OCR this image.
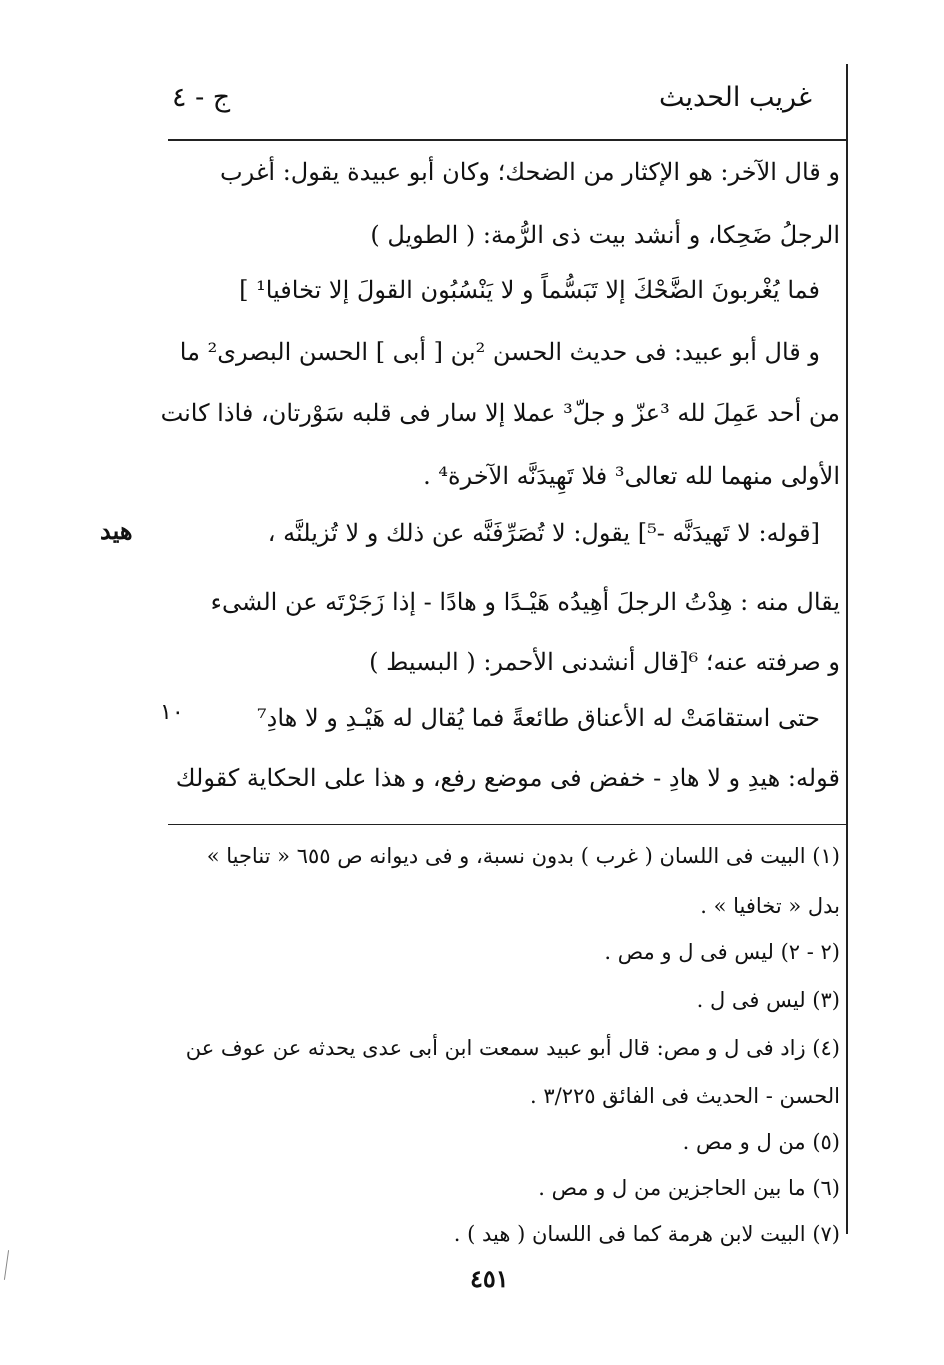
غريب الحديث
ج - ٤
و قال الآخر: هو الإكثار من الضحك؛ وكان أبو عبيدة يقول: أغرب
الرجلُ ضَحِكا، و أنشد بيت ذى الرُّمة: ( الطويل )
فما يُغْربونَ الضَّحْكَ إلا تَبَسُّماً و لا يَنْسُبُون القولَ إلا تخافيا¹ ]
و قال أبو عبيد: فى حديث الحسن ²بن [ أبى ] الحسن البصرى² ما
من أحد عَمِلَ لله ³عزّ و جلّ³ عملا إلا سار فى قلبه سَوْرتان، فاذا كانت
الأولى منهما لله تعالى³ فلا تَهِيدَنَّه الآخرة⁴ .
[قوله: لا تَهيدَنَّه -⁵] يقول: لا تُصَرِّفَنَّه عن ذلك و لا تُزيلنَّه ،
يقال منه : هِدْتُ الرجلَ أهِيدُه هَيْـدًا و هادًا - إذا زَجَرْتَه عن الشىء
و صرفته عنه؛ ⁶[قال أنشدنى الأحمر: ( البسيط )
حتى استقامَتْ له الأعناق طائعةً فما يُقال له هَيْـدِ و لا هادِ⁷
قوله: هيدِ و لا هادِ - خفض فى موضع رفع، و هذا على الحكاية كقولك
هيد
١٠
(١) البيت فى اللسان ( غرب ) بدون نسبة، و فى ديوانه ص ٦٥٥ « تناجيا »
بدل « تخافيا » .
(٢ - ٢) ليس فى ل و مص .
(٣) ليس فى ل .
(٤) زاد فى ل و مص: قال أبو عبيد سمعت ابن أبى عدى يحدثه عن عوف عن
الحسن - الحديث فى الفائق ٣/٢٢٥ .
(٥) من ل و مص .
(٦) ما بين الحاجزين من ل و مص .
(٧) البيت لابن هرمة كما فى اللسان ( هيد ) .
٤٥١
